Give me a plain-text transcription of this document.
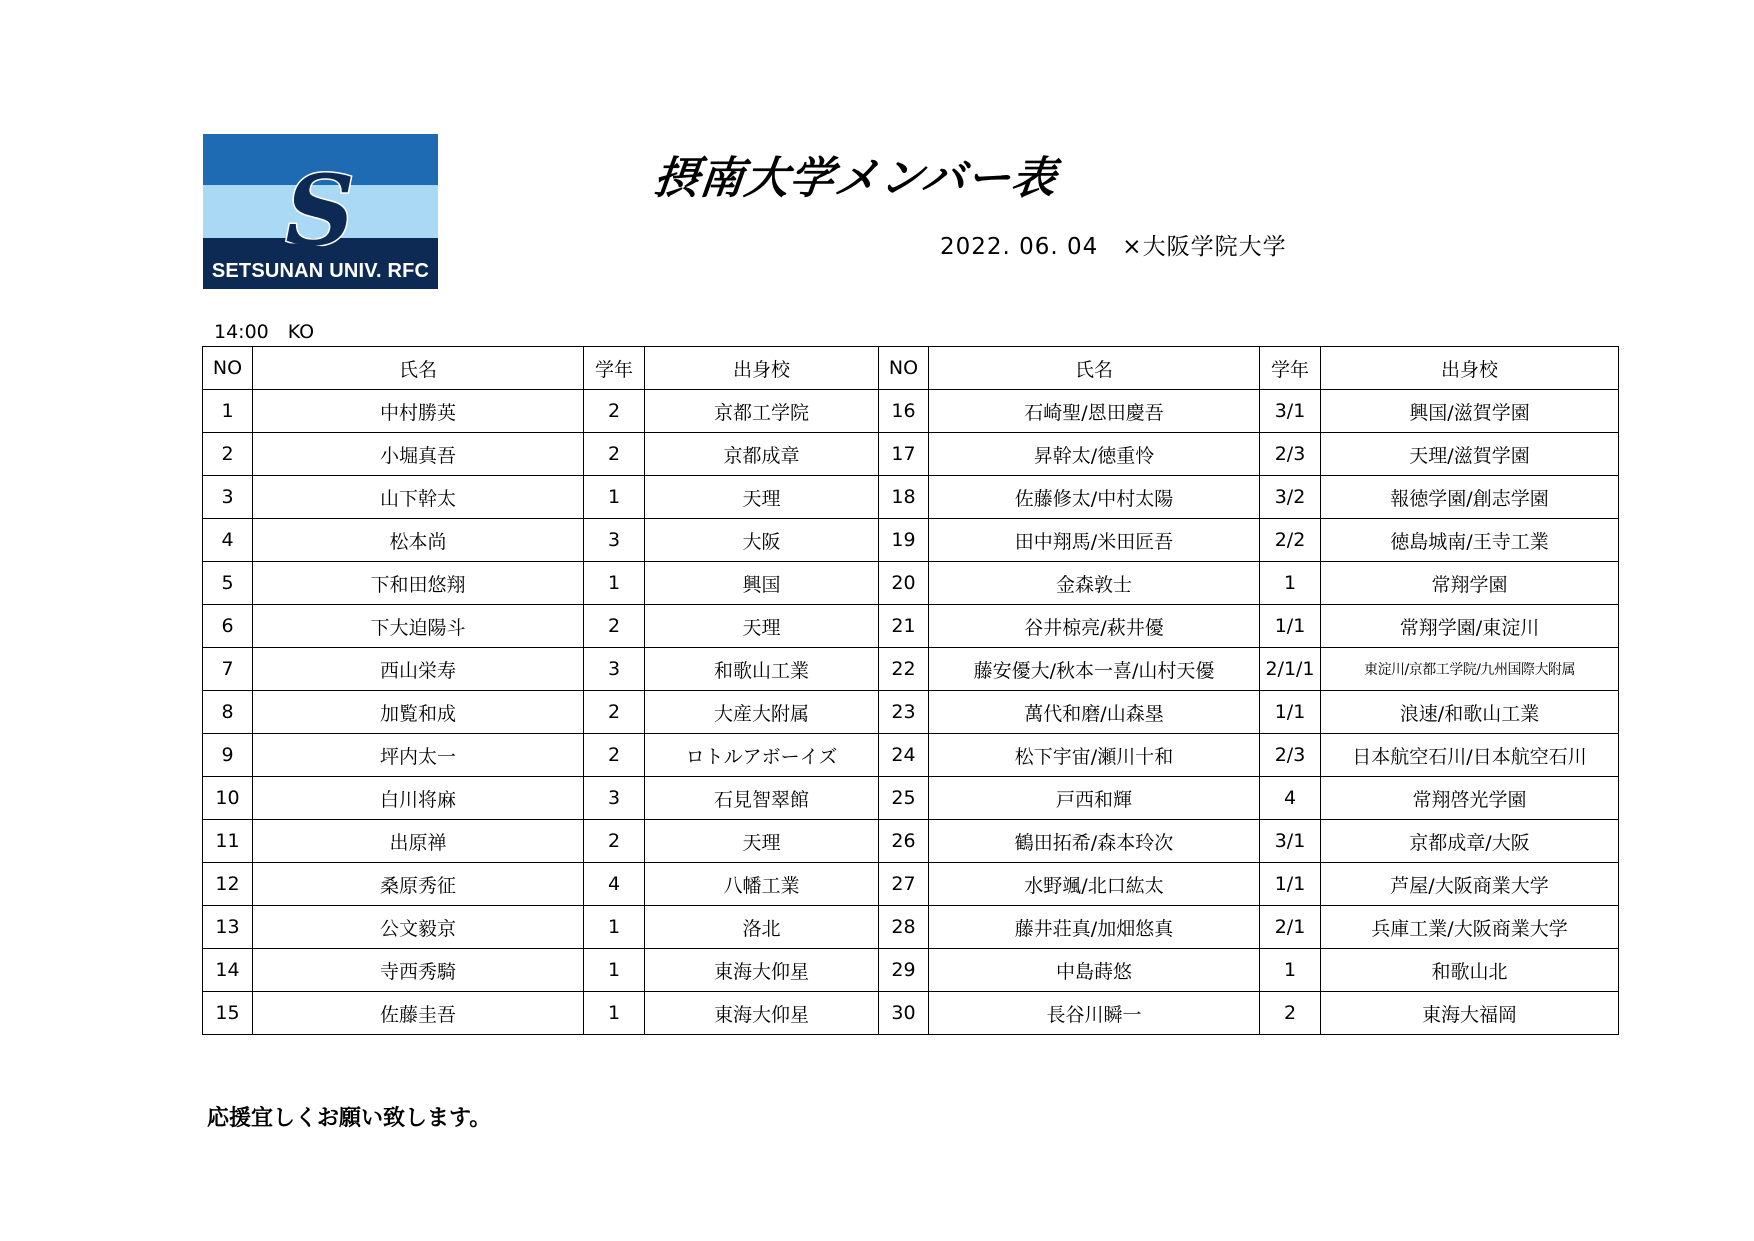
S
SETSUNAN UNIV. RFC
摂南大学メンバー表
2022. 06. 04　×大阪学院大学
14:00　KO
NO	氏名	学年	出身校	NO	氏名	学年	出身校
1	中村勝英	2	京都工学院	16	石崎聖/恩田慶吾	3/1	興国/滋賀学園
2	小堀真吾	2	京都成章	17	昇幹太/徳重怜	2/3	天理/滋賀学園
3	山下幹太	1	天理	18	佐藤修太/中村太陽	3/2	報徳学園/創志学園
4	松本尚	3	大阪	19	田中翔馬/米田匠吾	2/2	徳島城南/王寺工業
5	下和田悠翔	1	興国	20	金森敦士	1	常翔学園
6	下大迫陽斗	2	天理	21	谷井椋亮/萩井優	1/1	常翔学園/東淀川
7	西山栄寿	3	和歌山工業	22	藤安優大/秋本一喜/山村天優	2/1/1	東淀川/京都工学院/九州国際大附属
8	加覧和成	2	大産大附属	23	萬代和磨/山森塁	1/1	浪速/和歌山工業
9	坪内太一	2	ロトルアボーイズ	24	松下宇宙/瀬川十和	2/3	日本航空石川/日本航空石川
10	白川将麻	3	石見智翠館	25	戸西和輝	4	常翔啓光学園
11	出原禅	2	天理	26	鶴田拓希/森本玲次	3/1	京都成章/大阪
12	桑原秀征	4	八幡工業	27	水野颯/北口紘太	1/1	芦屋/大阪商業大学
13	公文毅京	1	洛北	28	藤井荘真/加畑悠真	2/1	兵庫工業/大阪商業大学
14	寺西秀騎	1	東海大仰星	29	中島蒔悠	1	和歌山北
15	佐藤圭吾	1	東海大仰星	30	長谷川瞬一	2	東海大福岡
応援宜しくお願い致します。
